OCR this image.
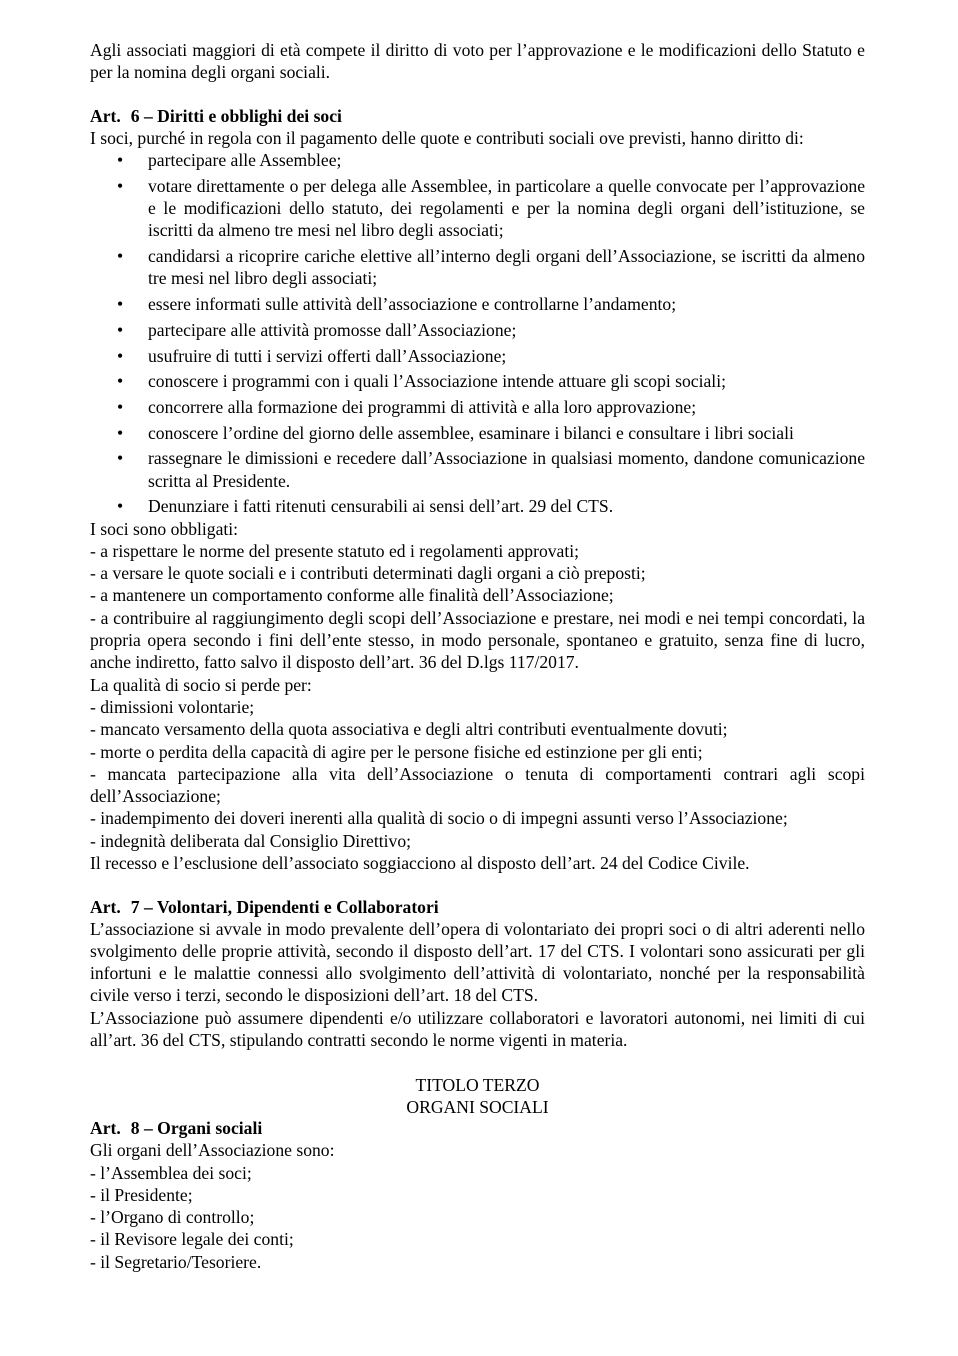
Agli associati maggiori di età compete il diritto di voto per l’approvazione e le modificazioni dello Statuto e per la nomina degli organi sociali.

Art. 6 – Diritti e obblighi dei soci

I soci, purché in regola con il pagamento delle quote e contributi sociali ove previsti, hanno diritto di:

• partecipare alle Assemblee;
• votare direttamente o per delega alle Assemblee, in particolare a quelle convocate per l’approvazione e le modificazioni dello statuto, dei regolamenti e per la nomina degli organi dell’istituzione, se iscritti da almeno tre mesi nel libro degli associati;
• candidarsi a ricoprire cariche elettive all’interno degli organi dell’Associazione, se iscritti da almeno tre mesi nel libro degli associati;
• essere informati sulle attività dell’associazione e controllarne l’andamento;
• partecipare alle attività promosse dall’Associazione;
• usufruire di tutti i servizi offerti dall’Associazione;
• conoscere i programmi con i quali l’Associazione intende attuare gli scopi sociali;
• concorrere alla formazione dei programmi di attività e alla loro approvazione;
• conoscere l’ordine del giorno delle assemblee, esaminare i bilanci e consultare i libri sociali
• rassegnare le dimissioni e recedere dall’Associazione in qualsiasi momento, dandone comunicazione scritta al Presidente.
• Denunziare i fatti ritenuti censurabili ai sensi dell’art. 29 del CTS.

I soci sono obbligati:

- a rispettare le norme del presente statuto ed i regolamenti approvati;

- a versare le quote sociali e i contributi determinati dagli organi a ciò preposti;

- a mantenere un comportamento conforme alle finalità dell’Associazione;

- a contribuire al raggiungimento degli scopi dell’Associazione e prestare, nei modi e nei tempi concordati, la propria opera secondo i fini dell’ente stesso, in modo personale, spontaneo e gratuito, senza fine di lucro, anche indiretto, fatto salvo il disposto dell’art. 36 del D.lgs 117/2017.

La qualità di socio si perde per:

- dimissioni volontarie;

- mancato versamento della quota associativa e degli altri contributi eventualmente dovuti;

- morte o perdita della capacità di agire per le persone fisiche ed estinzione per gli enti;

- mancata partecipazione alla vita dell’Associazione o tenuta di comportamenti contrari agli scopi dell’Associazione;

- inadempimento dei doveri inerenti alla qualità di socio o di impegni assunti verso l’Associazione;

- indegnità deliberata dal Consiglio Direttivo;

Il recesso e l’esclusione dell’associato soggiacciono al disposto dell’art. 24 del Codice Civile.

Art. 7 – Volontari, Dipendenti e Collaboratori

L’associazione si avvale in modo prevalente dell’opera di volontariato dei propri soci o di altri aderenti nello svolgimento delle proprie attività, secondo il disposto dell’art. 17 del CTS. I volontari sono assicurati per gli infortuni e le malattie connessi allo svolgimento dell’attività di volontariato, nonché per la responsabilità civile verso i terzi, secondo le disposizioni dell’art. 18 del CTS.

L’Associazione può assumere dipendenti e/o utilizzare collaboratori e lavoratori autonomi, nei limiti di cui all’art. 36 del CTS, stipulando contratti secondo le norme vigenti in materia.

TITOLO TERZO

ORGANI SOCIALI

Art. 8 – Organi sociali

Gli organi dell’Associazione sono:

- l’Assemblea dei soci;

- il Presidente;

- l’Organo di controllo;

- il Revisore legale dei conti;

- il Segretario/Tesoriere.
